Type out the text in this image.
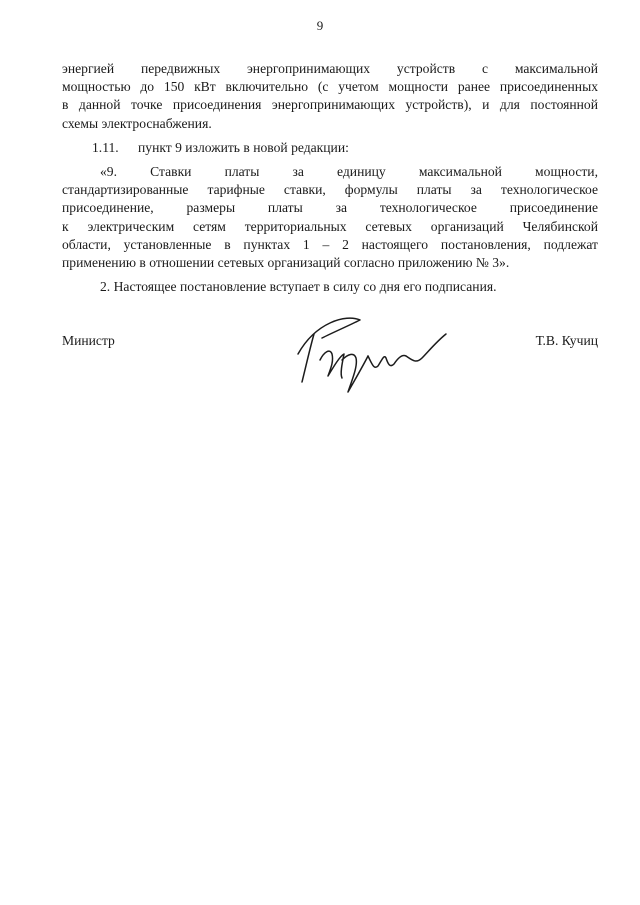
9

энергией передвижных энергопринимающих устройств с максимальной
мощностью до 150 кВт включительно (с учетом мощности ранее присоединенных
в данной точке присоединения энергопринимающих устройств), и для постоянной
схемы электроснабжения.

1.11. пункт 9 изложить в новой редакции:

«9. Ставки платы за единицу максимальной мощности,
стандартизированные тарифные ставки, формулы платы за технологическое
присоединение, размеры платы за технологическое присоединение
к электрическим сетям территориальных сетевых организаций Челябинской
области, установленные в пунктах 1 – 2 настоящего постановления, подлежат
применению в отношении сетевых организаций согласно приложению № 3».

2. Настоящее постановление вступает в силу со дня его подписания.

Министр	Т.В. Кучиц
